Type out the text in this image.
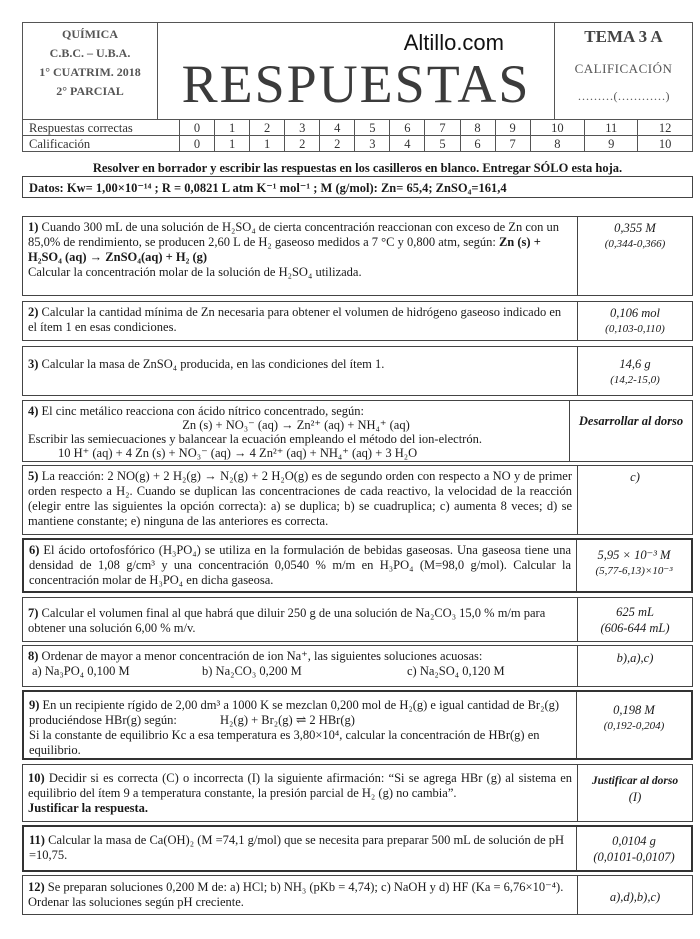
QUÍMICA
C.B.C. – U.B.A.
1° CUATRIM. 2018
2° PARCIAL
Altillo.com
RESPUESTAS
TEMA 3 A
CALIFICACIÓN
………(…………)
Respuestas correctas	0	1	2	3	4	5	6	7	8	9	10	11	12
Calificación	0	1	1	2	2	3	4	5	6	7	8	9	10
Resolver en borrador y escribir las respuestas en los casilleros en blanco. Entregar SÓLO esta hoja.
Datos: Kw= 1,00×10⁻¹⁴ ; R = 0,0821 L atm K⁻¹ mol⁻¹ ; M (g/mol): Zn= 65,4; ZnSO₄=161,4
1) Cuando 300 mL de una solución de H₂SO₄ de cierta concentración reaccionan con exceso de Zn con un 85,0% de rendimiento, se producen 2,60 L de H₂ gaseoso medidos a 7 °C y 0,800 atm, según: Zn (s) + H₂SO₄ (aq) → ZnSO₄(aq) + H₂ (g)
Calcular la concentración molar de la solución de H₂SO₄ utilizada.
0,355 M
(0,344-0,366)
2) Calcular la cantidad mínima de Zn necesaria para obtener el volumen de hidrógeno gaseoso indicado en el ítem 1 en esas condiciones.
0,106 mol
(0,103-0,110)
3) Calcular la masa de ZnSO₄ producida, en las condiciones del ítem 1.	14,6 g
(14,2-15,0)
4) El cinc metálico reacciona con ácido nítrico concentrado, según:
Zn (s) + NO₃⁻ (aq) → Zn²⁺ (aq) + NH₄⁺ (aq)
Escribir las semiecuaciones y balancear la ecuación empleando el método del ion-electrón.
10 H⁺ (aq) + 4 Zn (s) + NO₃⁻ (aq) → 4 Zn²⁺ (aq) + NH₄⁺ (aq) + 3 H₂O
Desarrollar al dorso
5) La reacción: 2 NO(g) + 2 H₂(g) → N₂(g) + 2 H₂O(g) es de segundo orden con respecto a NO y de primer orden respecto a H₂. Cuando se duplican las concentraciones de cada reactivo, la velocidad de la reacción (elegir entre las siguientes la opción correcta): a) se duplica; b) se cuadruplica; c) aumenta 8 veces; d) se mantiene constante; e) ninguna de las anteriores es correcta.
c)
6) El ácido ortofosfórico (H₃PO₄) se utiliza en la formulación de bebidas gaseosas. Una gaseosa tiene una densidad de 1,08 g/cm³ y una concentración 0,0540 % m/m en H₃PO₄ (M=98,0 g/mol). Calcular la concentración molar de H₃PO₄ en dicha gaseosa.
5,95 × 10⁻³ M
(5,77-6,13)×10⁻³
7) Calcular el volumen final al que habrá que diluir 250 g de una solución de Na₂CO₃ 15,0 % m/m para obtener una solución 6,00 % m/v.
625 mL
(606-644 mL)
8) Ordenar de mayor a menor concentración de ion Na⁺, las siguientes soluciones acuosas:
a) Na₃PO₄ 0,100 M	b) Na₂CO₃ 0,200 M	c) Na₂SO₄ 0,120 M
b),a),c)
9) En un recipiente rígido de 2,00 dm³ a 1000 K se mezclan 0,200 mol de H₂(g) e igual cantidad de Br₂(g) produciéndose HBr(g) según:	H₂(g) + Br₂(g) ⇌ 2 HBr(g)
Si la constante de equilibrio Kc a esa temperatura es 3,80×10⁴, calcular la concentración de HBr(g) en equilibrio.
0,198 M
(0,192-0,204)
10) Decidir si es correcta (C) o incorrecta (I) la siguiente afirmación: “Si se agrega HBr (g) al sistema en equilibrio del ítem 9 a temperatura constante, la presión parcial de H₂ (g) no cambia”.
Justificar la respuesta.
Justificar al dorso
(I)
11) Calcular la masa de Ca(OH)₂ (M =74,1 g/mol) que se necesita para preparar 500 mL de solución de pH =10,75.
0,0104 g
(0,0101-0,0107)
12) Se preparan soluciones 0,200 M de: a) HCl; b) NH₃ (pKb = 4,74); c) NaOH y d) HF (Ka = 6,76×10⁻⁴). Ordenar las soluciones según pH creciente.	a),d),b),c)
